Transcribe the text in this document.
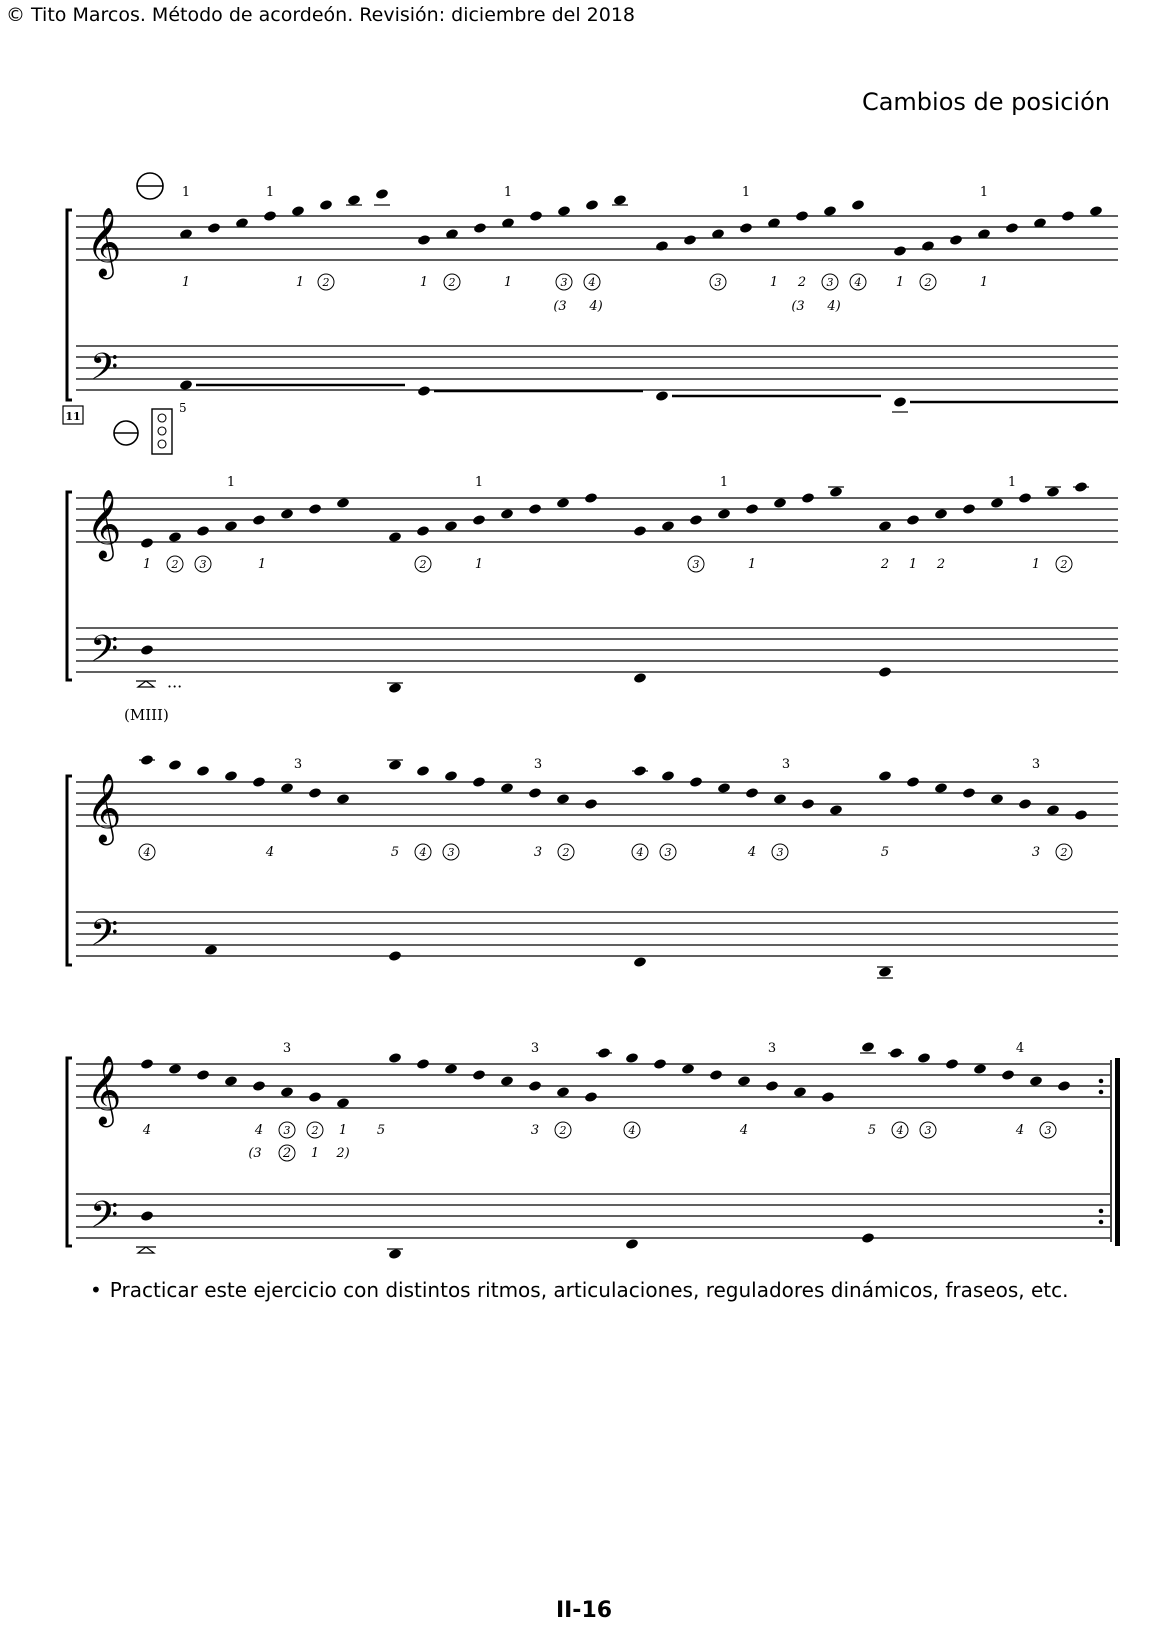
© Tito Marcos. Método de acordeón. Revisión: diciembre del 2018
Cambios de posición
𝄞
𝄢
11
5
𝄞
𝄢
···
(MIII)
𝄞
𝄢
𝄞
𝄢
1	1	1	1	1
1	1 2	1 2	1	3 4	3	1 2 3 4	1 2	1
(3 4)	(3 4)
1	1	1	1
1 2 3	1	2	1	3	1	2 1 2	1 2
3	3	3	3
4	4	5 4 3	3 2	4 3	4 3	5	3 2
3	3	3	4
4	4 3 2 1 5	3 2	4	4	5 4 3	4 3
(3 2 1 2)
• Practicar este ejercicio con distintos ritmos, articulaciones, reguladores dinámicos, fraseos, etc.
II-16
